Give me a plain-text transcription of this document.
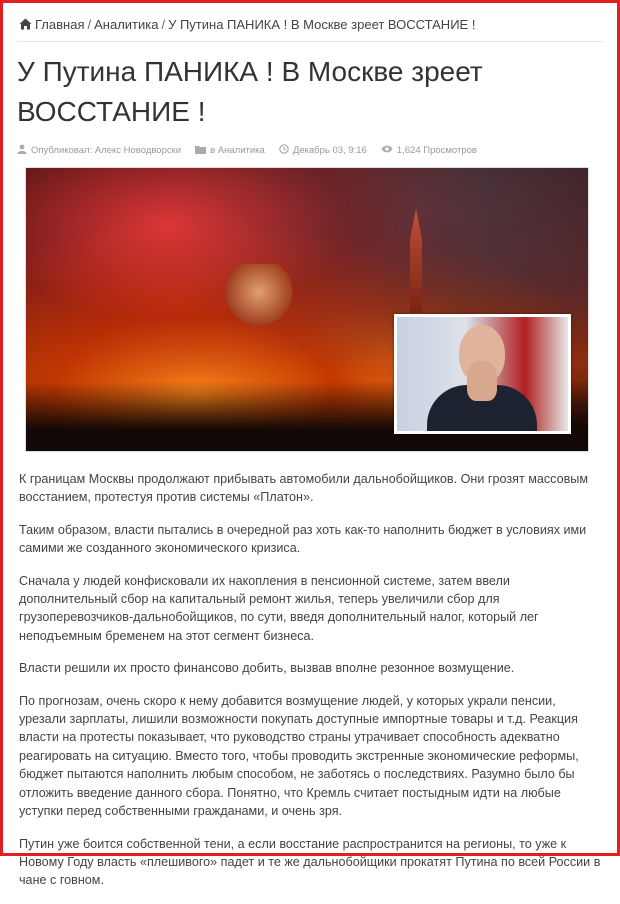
Главная / Аналитика / У Путина ПАНИКА ! В Москве зреет ВОССТАНИЕ !
У Путина ПАНИКА ! В Москве зреет
ВОССТАНИЕ !
Опубликовал: Алекс Новодворски	в Аналитика	Декабрь 03, 9:16	1,624 Просмотров

К границам Москвы продолжают прибывать автомобили дальнобойщиков. Они грозят массовым восстанием, протестуя против системы «Платон».

Таким образом, власти пытались в очередной раз хоть как-то наполнить бюджет в условиях ими самими же созданного экономического кризиса.

Сначала у людей конфисковали их накопления в пенсионной системе, затем ввели дополнительный сбор на капитальный ремонт жилья, теперь увеличили сбор для грузоперевозчиков-дальнобойщиков, по сути, введя дополнительный налог, который лег неподъемным бременем на этот сегмент бизнеса.

Власти решили их просто финансово добить, вызвав вполне резонное возмущение.

По прогнозам, очень скоро к нему добавится возмущение людей, у которых украли пенсии, урезали зарплаты, лишили возможности покупать доступные импортные товары и т.д. Реакция власти на протесты показывает, что руководство страны утрачивает способность адекватно реагировать на ситуацию. Вместо того, чтобы проводить экстренные экономические реформы, бюджет пытаются наполнить любым способом, не заботясь о последствиях. Разумно было бы отложить введение данного сбора. Понятно, что Кремль считает постыдным идти на любые уступки перед собственными гражданами, и очень зря.

Путин уже боится собственной тени, а если восстание распространится на регионы, то уже к Новому Году власть «плешивого» падет и те же дальнобойщики прокатят Путина по всей России в чане с говном.
